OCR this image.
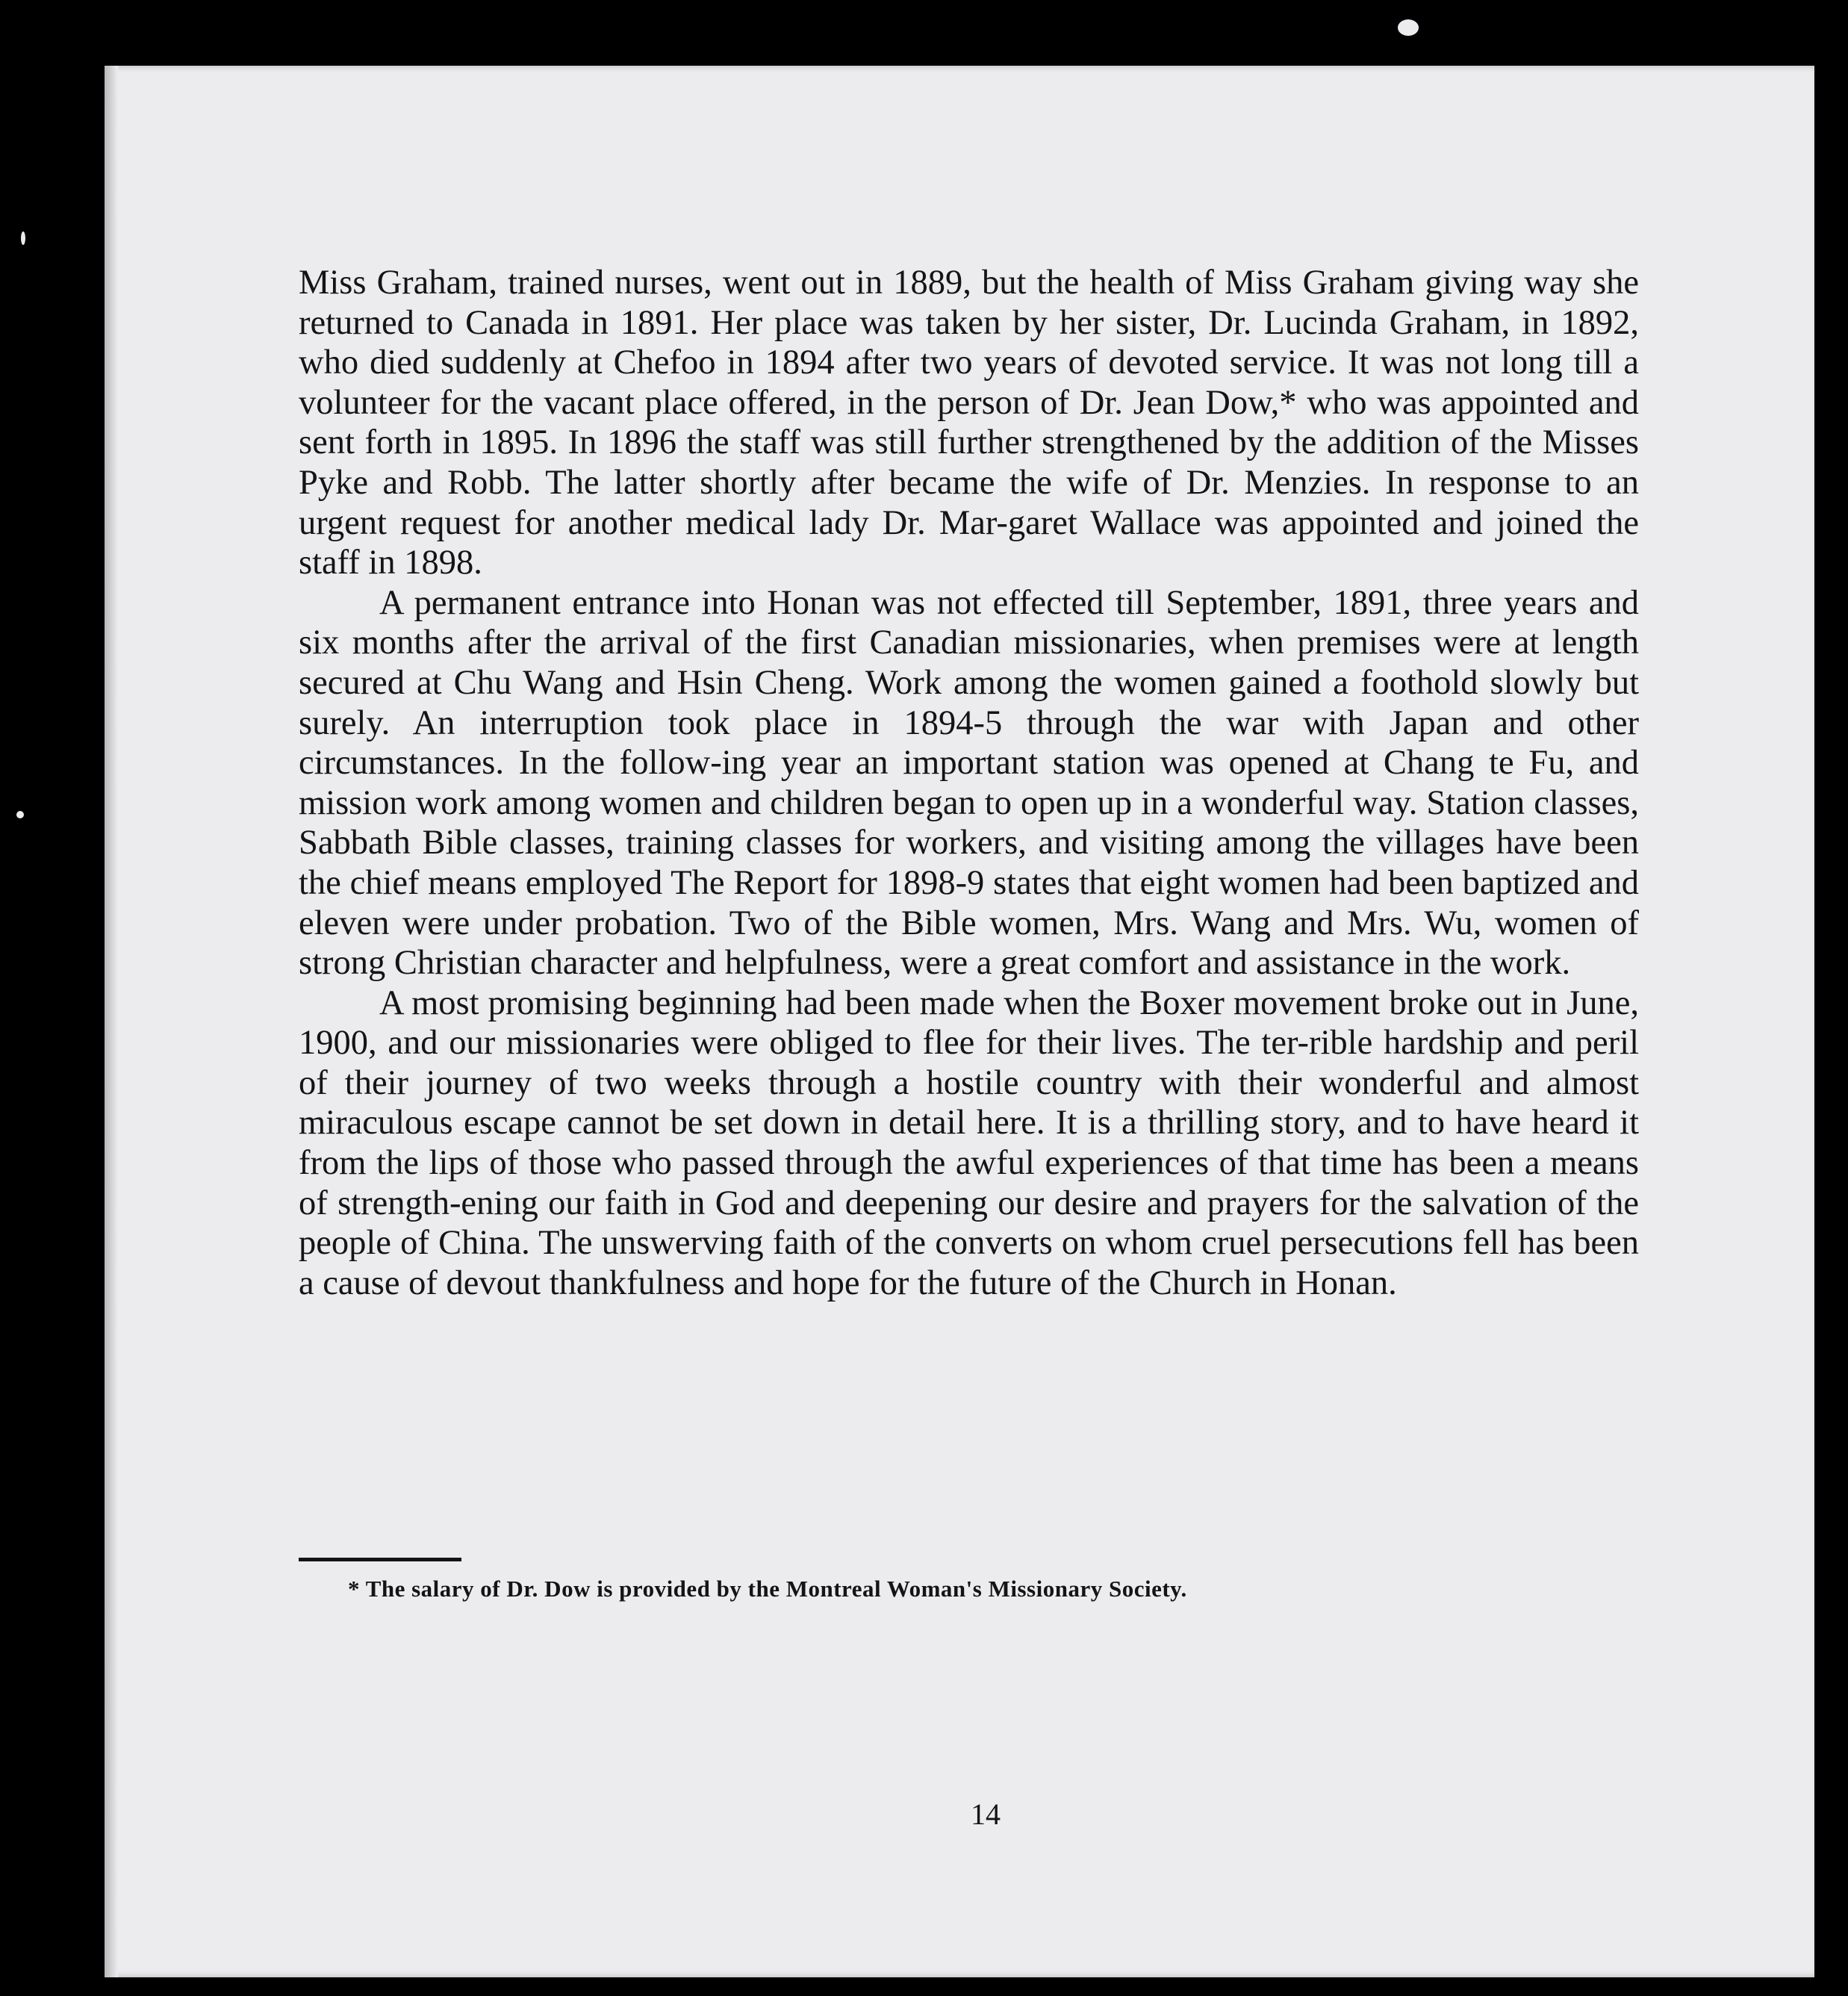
Miss Graham, trained nurses, went out in 1889, but the health of Miss Graham giving way she returned to Canada in 1891. Her place was taken by her sister, Dr. Lucinda Graham, in 1892, who died suddenly at Chefoo in 1894 after two years of devoted service. It was not long till a volunteer for the vacant place offered, in the person of Dr. Jean Dow,* who was appointed and sent forth in 1895. In 1896 the staff was still further strengthened by the addition of the Misses Pyke and Robb. The latter shortly after became the wife of Dr. Menzies. In response to an urgent request for another medical lady Dr. Mar-garet Wallace was appointed and joined the staff in 1898.

A permanent entrance into Honan was not effected till September, 1891, three years and six months after the arrival of the first Canadian missionaries, when premises were at length secured at Chu Wang and Hsin Cheng. Work among the women gained a foothold slowly but surely. An interruption took place in 1894-5 through the war with Japan and other circumstances. In the follow-ing year an important station was opened at Chang te Fu, and mission work among women and children began to open up in a wonderful way. Station classes, Sabbath Bible classes, training classes for workers, and visiting among the villages have been the chief means employed The Report for 1898-9 states that eight women had been baptized and eleven were under probation. Two of the Bible women, Mrs. Wang and Mrs. Wu, women of strong Christian character and helpfulness, were a great comfort and assistance in the work.

A most promising beginning had been made when the Boxer movement broke out in June, 1900, and our missionaries were obliged to flee for their lives. The ter-rible hardship and peril of their journey of two weeks through a hostile country with their wonderful and almost miraculous escape cannot be set down in detail here. It is a thrilling story, and to have heard it from the lips of those who passed through the awful experiences of that time has been a means of strength-ening our faith in God and deepening our desire and prayers for the salvation of the people of China. The unswerving faith of the converts on whom cruel persecutions fell has been a cause of devout thankfulness and hope for the future of the Church in Honan.

* The salary of Dr. Dow is provided by the Montreal Woman's Missionary Society.
14
